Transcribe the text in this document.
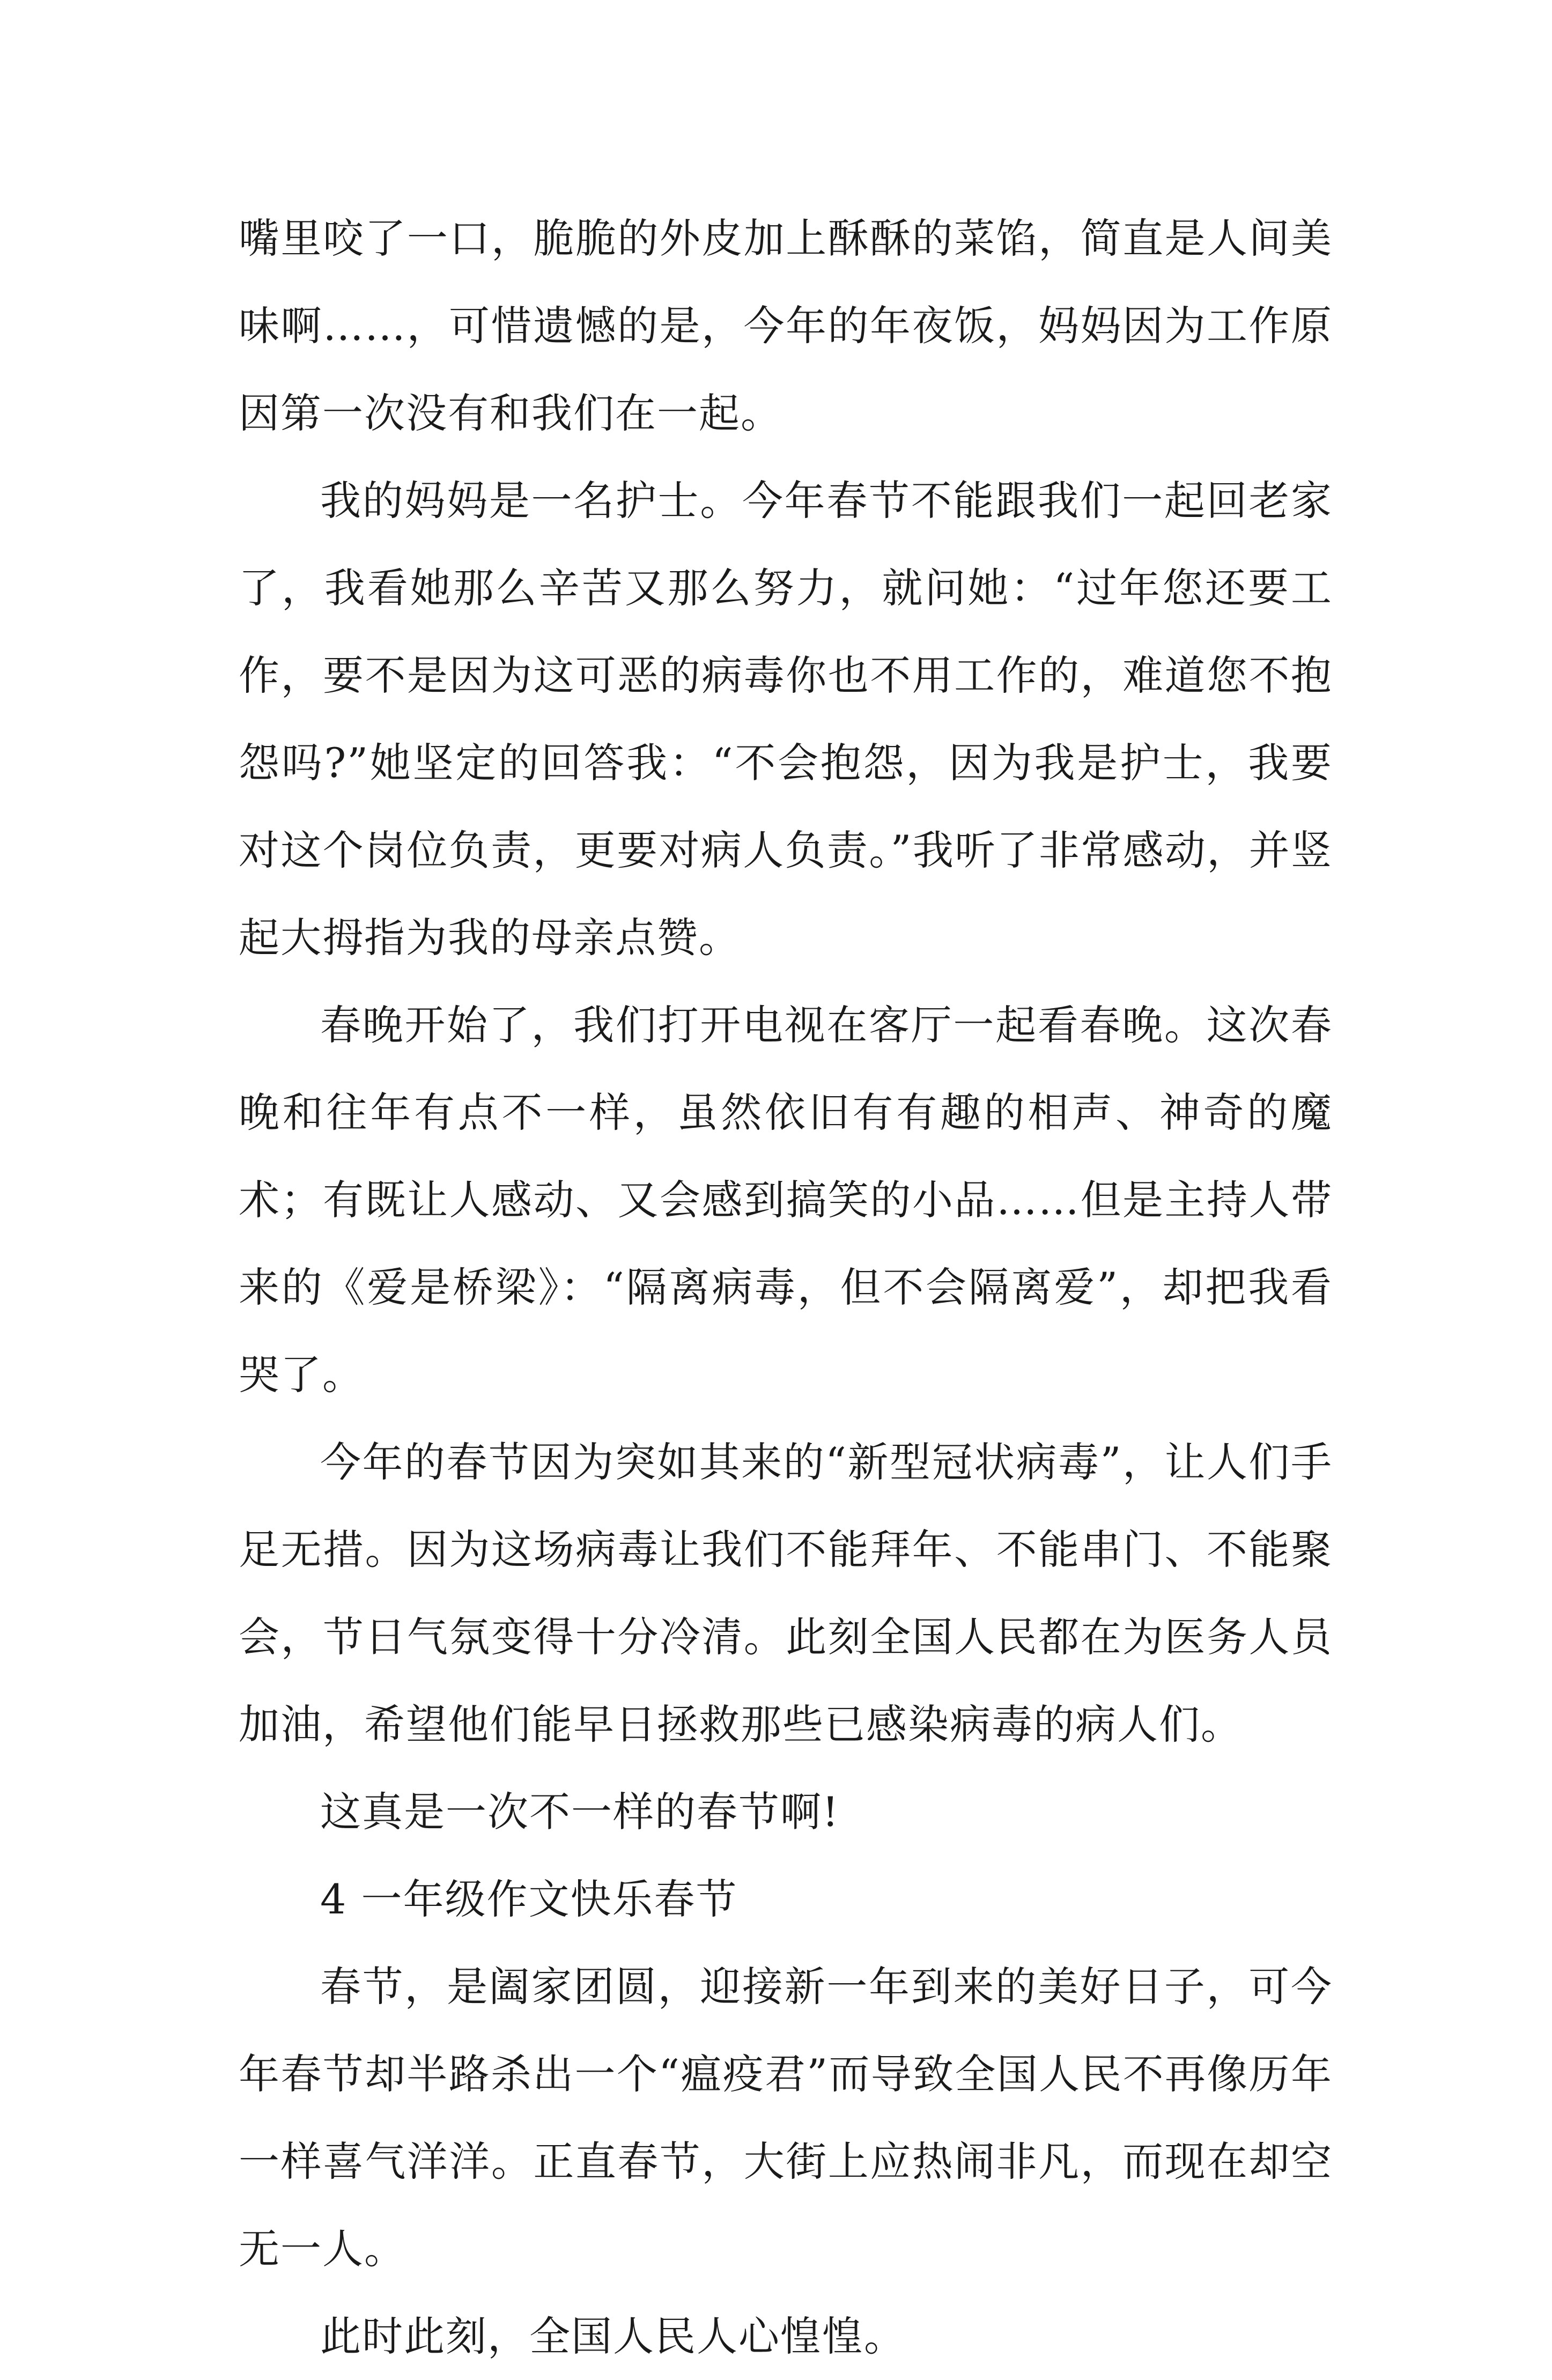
嘴里咬了一口，脆脆的外皮加上酥酥的菜馅，简直是人间美味啊……，可惜遗憾的是，今年的年夜饭，妈妈因为工作原因第一次没有和我们在一起。

我的妈妈是一名护士。今年春节不能跟我们一起回老家了，我看她那么辛苦又那么努力，就问她：“过年您还要工作，要不是因为这可恶的病毒你也不用工作的，难道您不抱怨吗?”她坚定的回答我：“不会抱怨，因为我是护士，我要对这个岗位负责，更要对病人负责。”我听了非常感动，并竖起大拇指为我的母亲点赞。

春晚开始了，我们打开电视在客厅一起看春晚。这次春晚和往年有点不一样，虽然依旧有有趣的相声、神奇的魔术；有既让人感动、又会感到搞笑的小品……但是主持人带来的《爱是桥梁》：“隔离病毒，但不会隔离爱”，却把我看哭了。

今年的春节因为突如其来的“新型冠状病毒”，让人们手足无措。因为这场病毒让我们不能拜年、不能串门、不能聚会，节日气氛变得十分冷清。此刻全国人民都在为医务人员加油，希望他们能早日拯救那些已感染病毒的病人们。

这真是一次不一样的春节啊!

4 一年级作文快乐春节

春节，是阖家团圆，迎接新一年到来的美好日子，可今年春节却半路杀出一个“瘟疫君”而导致全国人民不再像历年一样喜气洋洋。正直春节，大街上应热闹非凡，而现在却空无一人。

此时此刻，全国人民人心惶惶。
